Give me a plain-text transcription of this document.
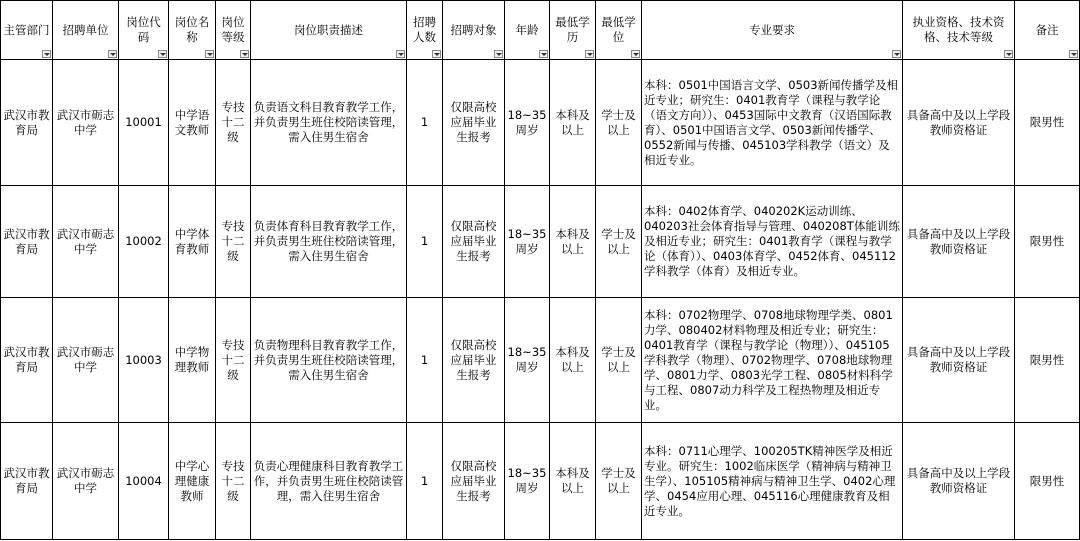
主管部门	招聘单位	岗位代码	岗位名称	岗位等级	岗位职责描述	招聘人数	招聘对象	年龄	最低学历	最低学位	专业要求	执业资格、技术资格、技术等级	备注

武汉市教育局	武汉市砺志中学	10001	中学语文教师	专技十二级	负责语文科目教育教学工作，并负责男生班住校陪读管理，需入住男生宿舍	1	仅限高校应届毕业生报考	18~35周岁	本科及以上	学士及以上	本科：0501中国语言文学、0503新闻传播学及相近专业；研究生：0401教育学（课程与教学论（语文方向））、0453国际中文教育（汉语国际教育）、0501中国语言文学、0503新闻传播学、0552新闻与传播、045103学科教学（语文）及相近专业。	具备高中及以上学段教师资格证	限男性
武汉市教育局	武汉市砺志中学	10002	中学体育教师	专技十二级	负责体育科目教育教学工作，并负责男生班住校陪读管理，需入住男生宿舍	1	仅限高校应届毕业生报考	18~35周岁	本科及以上	学士及以上	本科：0402体育学、040202K运动训练、040203社会体育指导与管理、040208T体能训练及相近专业；研究生：0401教育学（课程与教学论（体育））、0403体育学、0452体育、045112学科教学（体育）及相近专业。	具备高中及以上学段教师资格证	限男性
武汉市教育局	武汉市砺志中学	10003	中学物理教师	专技十二级	负责物理科目教育教学工作，并负责男生班住校陪读管理，需入住男生宿舍	1	仅限高校应届毕业生报考	18~35周岁	本科及以上	学士及以上	本科：0702物理学、0708地球物理学类、0801力学、080402材料物理及相近专业；研究生：0401教育学（课程与教学论（物理））、045105学科教学（物理）、0702物理学、0708地球物理学、0801力学、0803光学工程、0805材料科学与工程、0807动力科学及工程热物理及相近专业。	具备高中及以上学段教师资格证	限男性
武汉市教育局	武汉市砺志中学	10004	中学心理健康教师	专技十二级	负责心理健康科目教育教学工作，并负责男生班住校陪读管理，需入住男生宿舍	1	仅限高校应届毕业生报考	18~35周岁	本科及以上	学士及以上	本科：0711心理学、100205TK精神医学及相近专业。研究生：1002临床医学（精神病与精神卫生学）、105105精神病与精神卫生学、0402心理学、0454应用心理、045116心理健康教育及相近专业。	具备高中及以上学段教师资格证	限男性
